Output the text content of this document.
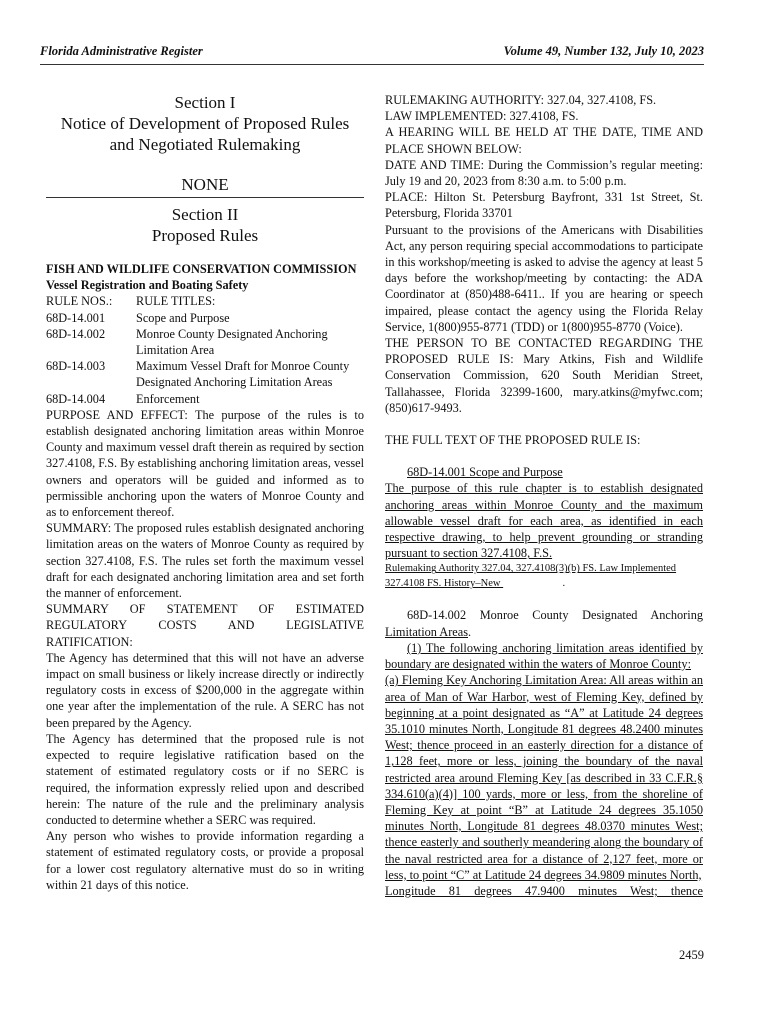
Florida Administrative Register	Volume 49, Number 132, July 10, 2023
Section I
Notice of Development of Proposed Rules
and Negotiated Rulemaking
NONE
Section II
Proposed Rules

FISH AND WILDLIFE CONSERVATION COMMISSION

Vessel Registration and Boating Safety

RULE NOS.:	RULE TITLES:
68D-14.001	Scope and Purpose
68D-14.002	Monroe County Designated Anchoring Limitation Area
68D-14.003	Maximum Vessel Draft for Monroe County Designated Anchoring Limitation Areas
68D-14.004	Enforcement

PURPOSE AND EFFECT: The purpose of the rules is to establish designated anchoring limitation areas within Monroe County and maximum vessel draft therein as required by section 327.4108, F.S. By establishing anchoring limitation areas, vessel owners and operators will be guided and informed as to permissible anchoring upon the waters of Monroe County and as to enforcement thereof.

SUMMARY: The proposed rules establish designated anchoring limitation areas on the waters of Monroe County as required by section 327.4108, F.S. The rules set forth the maximum vessel draft for each designated anchoring limitation area and set forth the manner of enforcement.

SUMMARY OF STATEMENT OF ESTIMATED

REGULATORY COSTS AND LEGISLATIVE

RATIFICATION:

The Agency has determined that this will not have an adverse impact on small business or likely increase directly or indirectly regulatory costs in excess of $200,000 in the aggregate within one year after the implementation of the rule. A SERC has not been prepared by the Agency.

The Agency has determined that the proposed rule is not expected to require legislative ratification based on the statement of estimated regulatory costs or if no SERC is required, the information expressly relied upon and described herein: The nature of the rule and the preliminary analysis conducted to determine whether a SERC was required.

Any person who wishes to provide information regarding a statement of estimated regulatory costs, or provide a proposal for a lower cost regulatory alternative must do so in writing within 21 days of this notice.

RULEMAKING AUTHORITY: 327.04, 327.4108, FS.

LAW IMPLEMENTED: 327.4108, FS.

A HEARING WILL BE HELD AT THE DATE, TIME AND PLACE SHOWN BELOW:

DATE AND TIME: During the Commission’s regular meeting: July 19 and 20, 2023 from 8:30 a.m. to 5:00 p.m.

PLACE: Hilton St. Petersburg Bayfront, 331 1st Street, St. Petersburg, Florida 33701

Pursuant to the provisions of the Americans with Disabilities Act, any person requiring special accommodations to participate in this workshop/meeting is asked to advise the agency at least 5 days before the workshop/meeting by contacting: the ADA Coordinator at (850)488-6411.. If you are hearing or speech impaired, please contact the agency using the Florida Relay Service, 1(800)955-8771 (TDD) or 1(800)955-8770 (Voice).

THE PERSON TO BE CONTACTED REGARDING THE PROPOSED RULE IS: Mary Atkins, Fish and Wildlife Conservation Commission, 620 South Meridian Street, Tallahassee, Florida 32399-1600, mary.atkins@myfwc.com; (850)617-9493.

THE FULL TEXT OF THE PROPOSED RULE IS:

68D-14.001 Scope and Purpose

The purpose of this rule chapter is to establish designated anchoring areas within Monroe County and the maximum allowable vessel draft for each area, as identified in each respective drawing, to help prevent grounding or stranding pursuant to section 327.4108, F.S.

Rulemaking Authority 327.04, 327.4108(3)(b) FS. Law Implemented

327.4108 FS. History–New	.

68D-14.002 Monroe County Designated Anchoring

Limitation Areas.

(1) The following anchoring limitation areas identified by boundary are designated within the waters of Monroe County:

(a) Fleming Key Anchoring Limitation Area: All areas within an area of Man of War Harbor, west of Fleming Key, defined by beginning at a point designated as “A” at Latitude 24 degrees 35.1010 minutes North, Longitude 81 degrees 48.2400 minutes West; thence proceed in an easterly direction for a distance of 1,128 feet, more or less, joining the boundary of the naval restricted area around Fleming Key [as described in 33 C.F.R.§ 334.610(a)(4)] 100 yards, more or less, from the shoreline of Fleming Key at point “B” at Latitude 24 degrees 35.1050 minutes North, Longitude 81 degrees 48.0370 minutes West; thence easterly and southerly meandering along the boundary of the naval restricted area for a distance of 2,127 feet, more or less, to point “C” at Latitude 24 degrees 34.9809 minutes North,

Longitude 81 degrees 47.9400 minutes West; thence

2459
